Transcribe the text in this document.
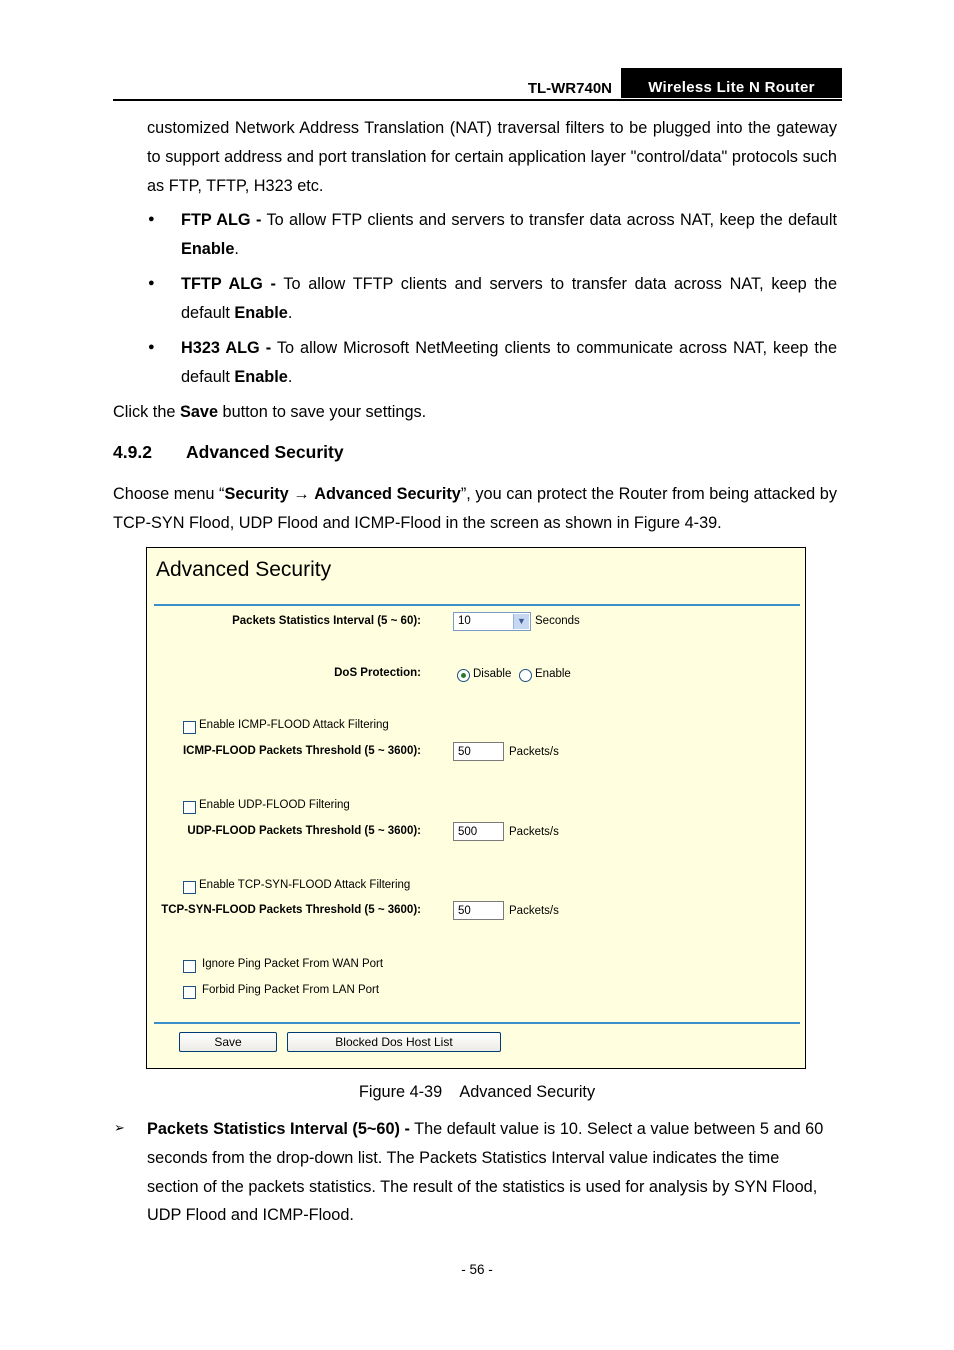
TL-WR740N	Wireless Lite N Router
customized Network Address Translation (NAT) traversal filters to be plugged into the gateway to support address and port translation for certain application layer "control/data" protocols such as FTP, TFTP, H323 etc.
● FTP ALG - To allow FTP clients and servers to transfer data across NAT, keep the default Enable.
● TFTP ALG - To allow TFTP clients and servers to transfer data across NAT, keep the default Enable.
● H323 ALG - To allow Microsoft NetMeeting clients to communicate across NAT, keep the default Enable.
Click the Save button to save your settings.
4.9.2 Advanced Security
Choose menu “Security → Advanced Security”, you can protect the Router from being attacked by TCP-SYN Flood, UDP Flood and ICMP-Flood in the screen as shown in Figure 4-39.
Advanced Security
Packets Statistics Interval (5 ~ 60):	10	▼ Seconds
DoS Protection:	Disable Enable
Enable ICMP-FLOOD Attack Filtering
ICMP-FLOOD Packets Threshold (5 ~ 3600):	50	Packets/s
Enable UDP-FLOOD Filtering
UDP-FLOOD Packets Threshold (5 ~ 3600):	500	Packets/s
Enable TCP-SYN-FLOOD Attack Filtering
TCP-SYN-FLOOD Packets Threshold (5 ~ 3600):	50	Packets/s
Ignore Ping Packet From WAN Port
Forbid Ping Packet From LAN Port
Save	Blocked Dos Host List
Figure 4-39    Advanced Security
➢ Packets Statistics Interval (5~60) - The default value is 10. Select a value between 5 and 60 seconds from the drop-down list. The Packets Statistics Interval value indicates the time section of the packets statistics. The result of the statistics is used for analysis by SYN Flood, UDP Flood and ICMP-Flood.
- 56 -
